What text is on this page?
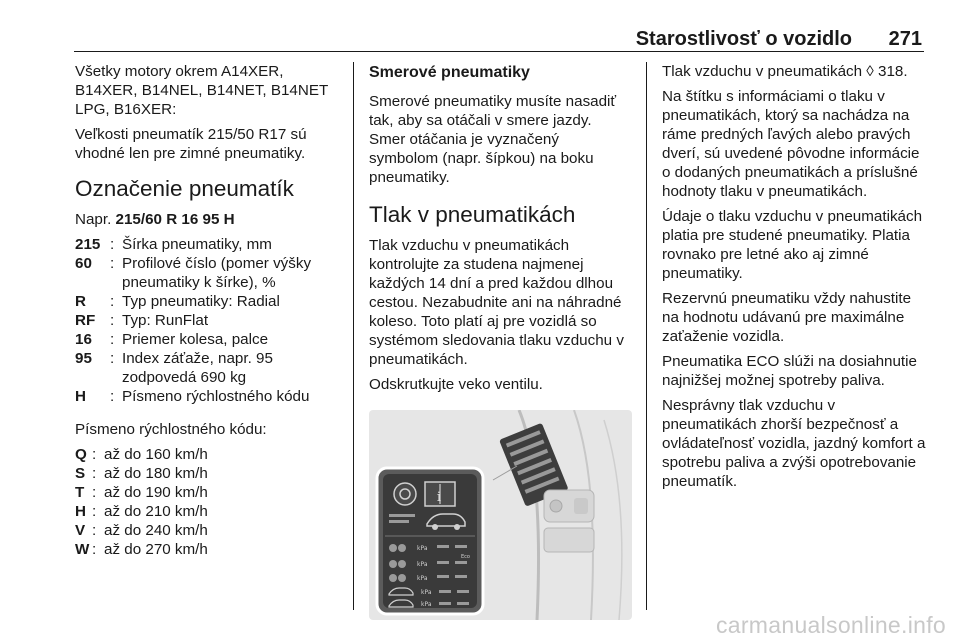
Starostlivosť o vozidlo 271

Všetky motory okrem A14XER, B14XER, B14NEL, B14NET, B14NET LPG, B16XER:

Veľkosti pneumatík 215/50 R17 sú vhodné len pre zimné pneumatiky.

Označenie pneumatík

Napr. 215/60 R 16 95 H

215 : Šírka pneumatiky, mm
60	: Profilové číslo (pomer výšky pneumatiky k šírke), %
R	: Typ pneumatiky: Radial
RF : Typ: RunFlat
16	: Priemer kolesa, palce
95	: Index záťaže, napr. 95 zodpovedá 690 kg
H	: Písmeno rýchlostného kódu

Písmeno rýchlostného kódu:

Q : až do 160 km/h
S : až do 180 km/h
T : až do 190 km/h
H : až do 210 km/h
V : až do 240 km/h
W : až do 270 km/h
Smerové pneumatiky

Smerové pneumatiky musíte nasadiť tak, aby sa otáčali v smere jazdy. Smer otáčania je vyznačený symbolom (napr. šípkou) na boku pneumatiky.

Tlak v pneumatikách

Tlak vzduchu v pneumatikách kontrolujte za studena najmenej každých 14 dní a pred každou dlhou cestou. Nezabudnite ani na náhradné koleso. Toto platí aj pre vozidlá so systémom sledovania tlaku vzduchu v pneumatikách.

Odskrutkujte veko ventilu.

i
kPa
Eco
kPa
kPa
kPa
kPa

Tlak vzduchu v pneumatikách ◊ 318.

Na štítku s informáciami o tlaku v pneumatikách, ktorý sa nachádza na ráme predných ľavých alebo pravých dverí, sú uvedené pôvodne informácie o dodaných pneumatikách a príslušné hodnoty tlaku v pneumatikách.

Údaje o tlaku vzduchu v pneumatikách platia pre studené pneumatiky. Platia rovnako pre letné ako aj zimné pneumatiky.

Rezervnú pneumatiku vždy nahustite na hodnotu udávanú pre maximálne zaťaženie vozidla.

Pneumatika ECO slúži na dosiahnutie najnižšej možnej spotreby paliva.

Nesprávny tlak vzduchu v pneumatikách zhorší bezpečnosť a ovládateľnosť vozidla, jazdný komfort a spotrebu paliva a zvýši opotrebovanie pneumatík.

carmanualsonline.info
